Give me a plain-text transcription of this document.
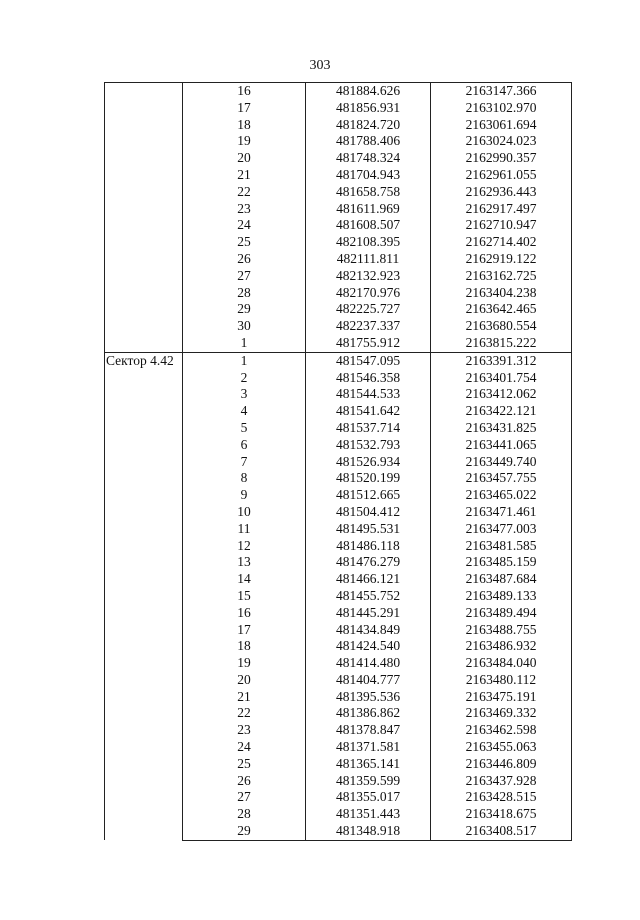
303
	16	481884.626	2163147.366
	17	481856.931	2163102.970
	18	481824.720	2163061.694
	19	481788.406	2163024.023
	20	481748.324	2162990.357
	21	481704.943	2162961.055
	22	481658.758	2162936.443
	23	481611.969	2162917.497
	24	481608.507	2162710.947
	25	482108.395	2162714.402
	26	482111.811	2162919.122
	27	482132.923	2163162.725
	28	482170.976	2163404.238
	29	482225.727	2163642.465
	30	482237.337	2163680.554
	1	481755.912	2163815.222
Сектор 4.42	1	481547.095	2163391.312
	2	481546.358	2163401.754
	3	481544.533	2163412.062
	4	481541.642	2163422.121
	5	481537.714	2163431.825
	6	481532.793	2163441.065
	7	481526.934	2163449.740
	8	481520.199	2163457.755
	9	481512.665	2163465.022
	10	481504.412	2163471.461
	11	481495.531	2163477.003
	12	481486.118	2163481.585
	13	481476.279	2163485.159
	14	481466.121	2163487.684
	15	481455.752	2163489.133
	16	481445.291	2163489.494
	17	481434.849	2163488.755
	18	481424.540	2163486.932
	19	481414.480	2163484.040
	20	481404.777	2163480.112
	21	481395.536	2163475.191
	22	481386.862	2163469.332
	23	481378.847	2163462.598
	24	481371.581	2163455.063
	25	481365.141	2163446.809
	26	481359.599	2163437.928
	27	481355.017	2163428.515
	28	481351.443	2163418.675
	29	481348.918	2163408.517
